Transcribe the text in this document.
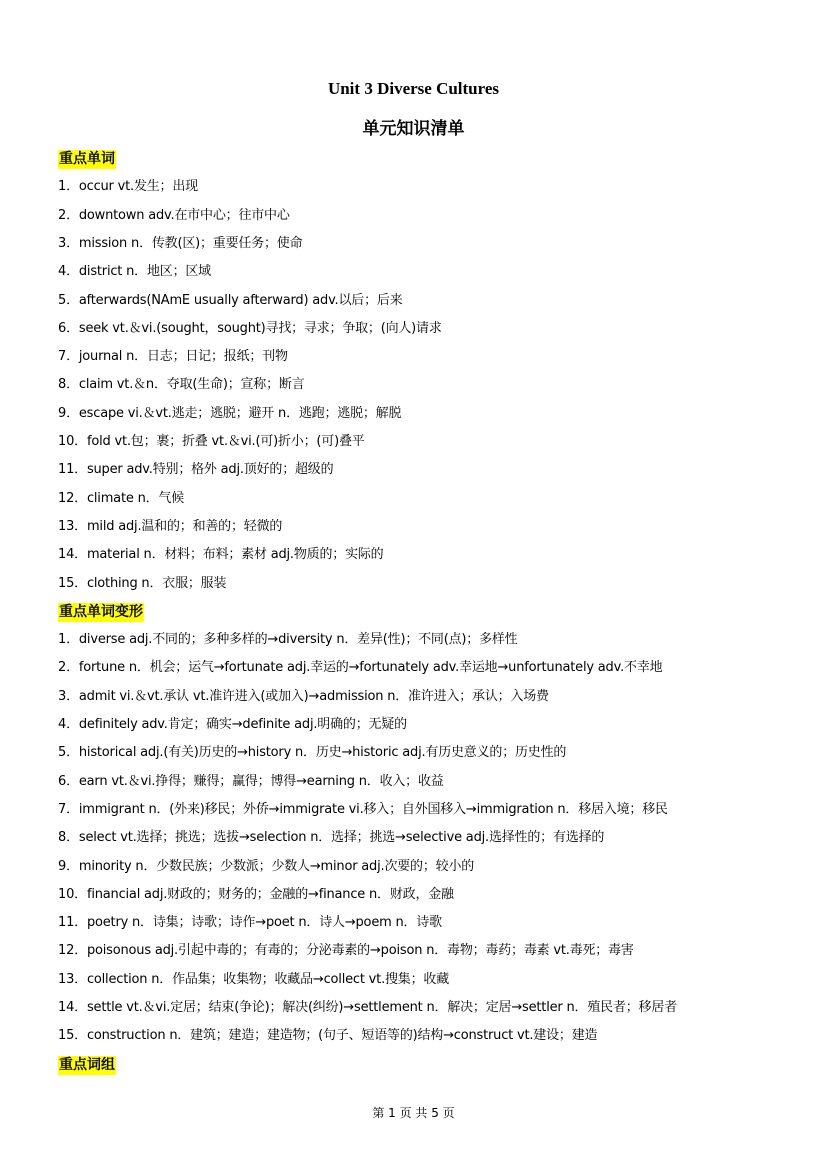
Unit 3 Diverse Cultures
单元知识清单
重点单词
1．occur vt.发生；出现
2．downtown adv.在市中心；往市中心
3．mission n．传教(区)；重要任务；使命
4．district n．地区；区域
5．afterwards(NAmE usually afterward) adv.以后；后来
6．seek vt.＆vi.(sought，sought)寻找；寻求；争取；(向人)请求
7．journal n．日志；日记；报纸；刊物
8．claim vt.＆n．夺取(生命)；宣称；断言
9．escape vi.＆vt.逃走；逃脱；避开 n．逃跑；逃脱；解脱
10．fold vt.包；裹；折叠 vt.＆vi.(可)折小；(可)叠平
11．super adv.特别；格外 adj.顶好的；超级的
12．climate n．气候
13．mild adj.温和的；和善的；轻微的
14．material n．材料；布料；素材 adj.物质的；实际的
15．clothing n．衣服；服装
重点单词变形
1．diverse adj.不同的；多种多样的→diversity n．差异(性)；不同(点)；多样性
2．fortune n．机会；运气→fortunate adj.幸运的→fortunately adv.幸运地→unfortunately adv.不幸地
3．admit vi.＆vt.承认 vt.准许进入(或加入)→admission n．准许进入；承认；入场费
4．definitely adv.肯定；确实→definite adj.明确的；无疑的
5．historical adj.(有关)历史的→history n．历史→historic adj.有历史意义的；历史性的
6．earn vt.＆vi.挣得；赚得；赢得；博得→earning n．收入；收益
7．immigrant n．(外来)移民；外侨→immigrate vi.移入；自外国移入→immigration n．移居入境；移民
8．select vt.选择；挑选；选拔→selection n．选择；挑选→selective adj.选择性的；有选择的
9．minority n．少数民族；少数派；少数人→minor adj.次要的；较小的
10．financial adj.财政的；财务的；金融的→finance n．财政，金融
11．poetry n．诗集；诗歌；诗作→poet n．诗人→poem n．诗歌
12．poisonous adj.引起中毒的；有毒的；分泌毒素的→poison n．毒物；毒药；毒素 vt.毒死；毒害
13．collection n．作品集；收集物；收藏品→collect vt.搜集；收藏
14．settle vt.＆vi.定居；结束(争论)；解决(纠纷)→settlement n．解决；定居→settler n．殖民者；移居者
15．construction n．建筑；建造；建造物；(句子、短语等的)结构→construct vt.建设；建造
重点词组
第 1 页 共 5 页
